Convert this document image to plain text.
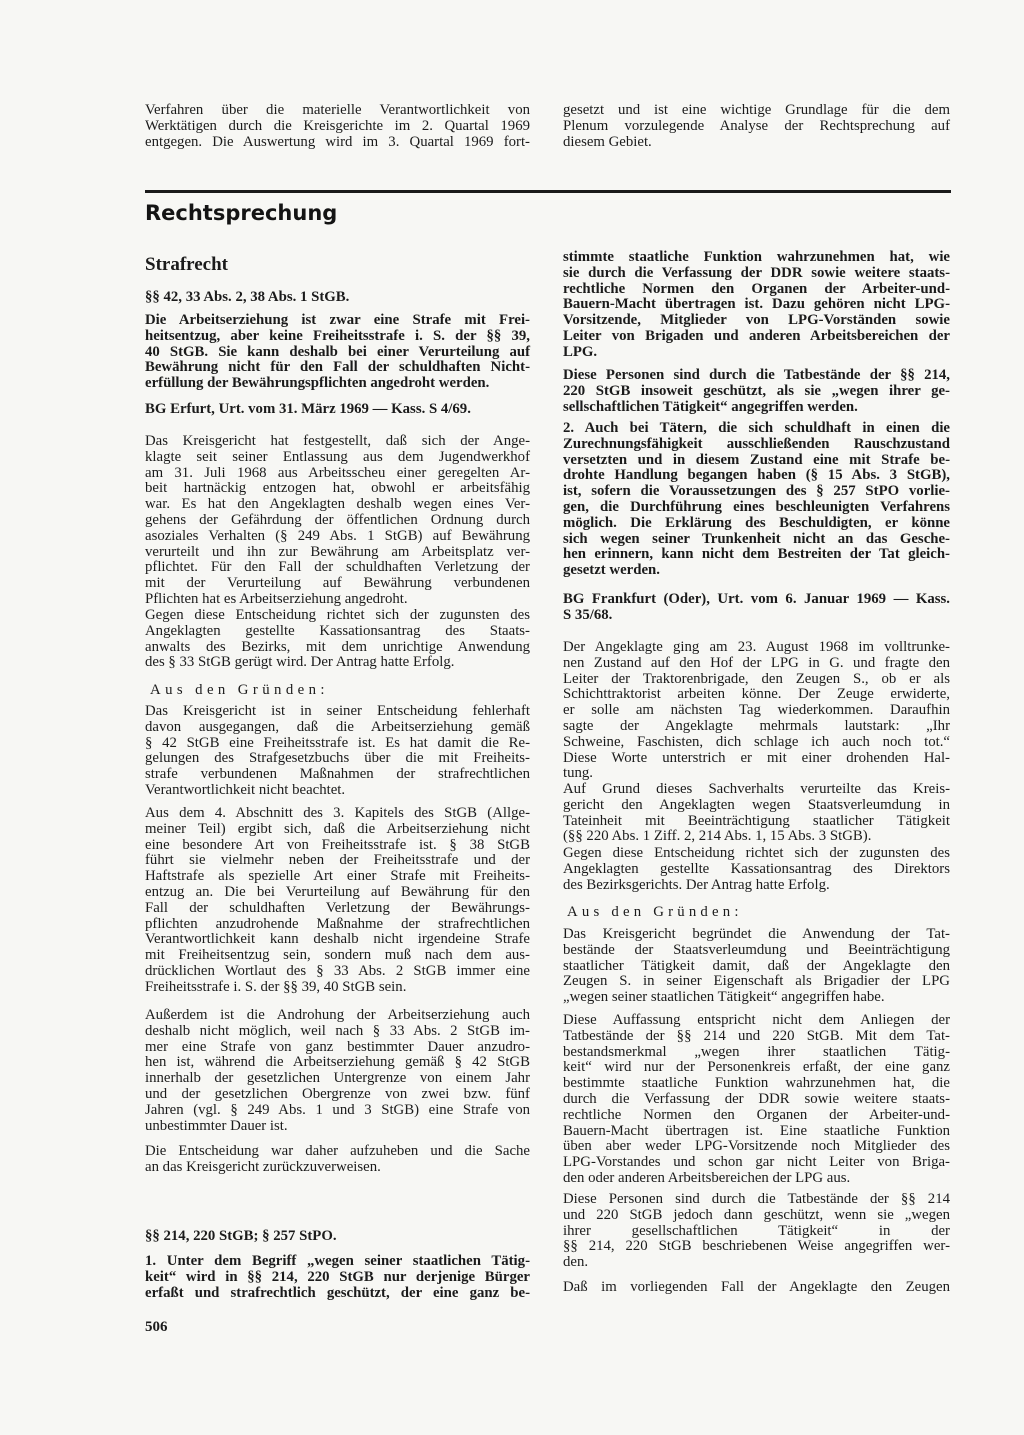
Verfahren über die materielle Verantwortlichkeit von
Werktätigen durch die Kreisgerichte im 2. Quartal 1969
entgegen. Die Auswertung wird im 3. Quartal 1969 fort-
gesetzt und ist eine wichtige Grundlage für die dem
Plenum vorzulegende Analyse der Rechtsprechung auf
diesem Gebiet.
Rechtsprechung
Strafrecht
§§ 42, 33 Abs. 2, 38 Abs. 1 StGB.
Die Arbeitserziehung ist zwar eine Strafe mit Frei-
heitsentzug, aber keine Freiheitsstrafe i. S. der §§ 39,
40 StGB. Sie kann deshalb bei einer Verurteilung auf
Bewährung nicht für den Fall der schuldhaften Nicht-
erfüllung der Bewährungspflichten angedroht werden.
BG Erfurt, Urt. vom 31. März 1969 — Kass. S 4/69.
Das Kreisgericht hat festgestellt, daß sich der Ange-
klagte seit seiner Entlassung aus dem Jugendwerkhof
am 31. Juli 1968 aus Arbeitsscheu einer geregelten Ar-
beit hartnäckig entzogen hat, obwohl er arbeitsfähig
war. Es hat den Angeklagten deshalb wegen eines Ver-
gehens der Gefährdung der öffentlichen Ordnung durch
asoziales Verhalten (§ 249 Abs. 1 StGB) auf Bewährung
verurteilt und ihn zur Bewährung am Arbeitsplatz ver-
pflichtet. Für den Fall der schuldhaften Verletzung der
mit der Verurteilung auf Bewährung verbundenen
Pflichten hat es Arbeitserziehung angedroht.
Gegen diese Entscheidung richtet sich der zugunsten des
Angeklagten gestellte Kassationsantrag des Staats-
anwalts des Bezirks, mit dem unrichtige Anwendung
des § 33 StGB gerügt wird. Der Antrag hatte Erfolg.
Aus den Gründen:
Das Kreisgericht ist in seiner Entscheidung fehlerhaft
davon ausgegangen, daß die Arbeitserziehung gemäß
§ 42 StGB eine Freiheitsstrafe ist. Es hat damit die Re-
gelungen des Strafgesetzbuchs über die mit Freiheits-
strafe verbundenen Maßnahmen der strafrechtlichen
Verantwortlichkeit nicht beachtet.
Aus dem 4. Abschnitt des 3. Kapitels des StGB (Allge-
meiner Teil) ergibt sich, daß die Arbeitserziehung nicht
eine besondere Art von Freiheitsstrafe ist. § 38 StGB
führt sie vielmehr neben der Freiheitsstrafe und der
Haftstrafe als spezielle Art einer Strafe mit Freiheits-
entzug an. Die bei Verurteilung auf Bewährung für den
Fall der schuldhaften Verletzung der Bewährungs-
pflichten anzudrohende Maßnahme der strafrechtlichen
Verantwortlichkeit kann deshalb nicht irgendeine Strafe
mit Freiheitsentzug sein, sondern muß nach dem aus-
drücklichen Wortlaut des § 33 Abs. 2 StGB immer eine
Freiheitsstrafe i. S. der §§ 39, 40 StGB sein.
Außerdem ist die Androhung der Arbeitserziehung auch
deshalb nicht möglich, weil nach § 33 Abs. 2 StGB im-
mer eine Strafe von ganz bestimmter Dauer anzudro-
hen ist, während die Arbeitserziehung gemäß § 42 StGB
innerhalb der gesetzlichen Untergrenze von einem Jahr
und der gesetzlichen Obergrenze von zwei bzw. fünf
Jahren (vgl. § 249 Abs. 1 und 3 StGB) eine Strafe von
unbestimmter Dauer ist.
Die Entscheidung war daher aufzuheben und die Sache
an das Kreisgericht zurückzuverweisen.
§§ 214, 220 StGB; § 257 StPO.
1. Unter dem Begriff „wegen seiner staatlichen Tätig-
keit“ wird in §§ 214, 220 StGB nur derjenige Bürger
erfaßt und strafrechtlich geschützt, der eine ganz be-
506
stimmte staatliche Funktion wahrzunehmen hat, wie
sie durch die Verfassung der DDR sowie weitere staats-
rechtliche Normen den Organen der Arbeiter-und-
Bauern-Macht übertragen ist. Dazu gehören nicht LPG-
Vorsitzende, Mitglieder von LPG-Vorständen sowie
Leiter von Brigaden und anderen Arbeitsbereichen der
LPG.
Diese Personen sind durch die Tatbestände der §§ 214,
220 StGB insoweit geschützt, als sie „wegen ihrer ge-
sellschaftlichen Tätigkeit“ angegriffen werden.
2. Auch bei Tätern, die sich schuldhaft in einen die
Zurechnungsfähigkeit ausschließenden Rauschzustand
versetzten und in diesem Zustand eine mit Strafe be-
drohte Handlung begangen haben (§ 15 Abs. 3 StGB),
ist, sofern die Voraussetzungen des § 257 StPO vorlie-
gen, die Durchführung eines beschleunigten Verfahrens
möglich. Die Erklärung des Beschuldigten, er könne
sich wegen seiner Trunkenheit nicht an das Gesche-
hen erinnern, kann nicht dem Bestreiten der Tat gleich-
gesetzt werden.
BG Frankfurt (Oder), Urt. vom 6. Januar 1969 — Kass.
S 35/68.
Der Angeklagte ging am 23. August 1968 im volltrunke-
nen Zustand auf den Hof der LPG in G. und fragte den
Leiter der Traktorenbrigade, den Zeugen S., ob er als
Schichttraktorist arbeiten könne. Der Zeuge erwiderte,
er solle am nächsten Tag wiederkommen. Daraufhin
sagte der Angeklagte mehrmals lautstark: „Ihr
Schweine, Faschisten, dich schlage ich auch noch tot.“
Diese Worte unterstrich er mit einer drohenden Hal-
tung.
Auf Grund dieses Sachverhalts verurteilte das Kreis-
gericht den Angeklagten wegen Staatsverleumdung in
Tateinheit mit Beeinträchtigung staatlicher Tätigkeit
(§§ 220 Abs. 1 Ziff. 2, 214 Abs. 1, 15 Abs. 3 StGB).
Gegen diese Entscheidung richtet sich der zugunsten des
Angeklagten gestellte Kassationsantrag des Direktors
des Bezirksgerichts. Der Antrag hatte Erfolg.
Aus den Gründen:
Das Kreisgericht begründet die Anwendung der Tat-
bestände der Staatsverleumdung und Beeinträchtigung
staatlicher Tätigkeit damit, daß der Angeklagte den
Zeugen S. in seiner Eigenschaft als Brigadier der LPG
„wegen seiner staatlichen Tätigkeit“ angegriffen habe.
Diese Auffassung entspricht nicht dem Anliegen der
Tatbestände der §§ 214 und 220 StGB. Mit dem Tat-
bestandsmerkmal „wegen ihrer staatlichen Tätig-
keit“ wird nur der Personenkreis erfaßt, der eine ganz
bestimmte staatliche Funktion wahrzunehmen hat, die
durch die Verfassung der DDR sowie weitere staats-
rechtliche Normen den Organen der Arbeiter-und-
Bauern-Macht übertragen ist. Eine staatliche Funktion
üben aber weder LPG-Vorsitzende noch Mitglieder des
LPG-Vorstandes und schon gar nicht Leiter von Briga-
den oder anderen Arbeitsbereichen der LPG aus.
Diese Personen sind durch die Tatbestände der §§ 214
und 220 StGB jedoch dann geschützt, wenn sie „wegen
ihrer gesellschaftlichen Tätigkeit“ in der
§§ 214, 220 StGB beschriebenen Weise angegriffen wer-
den.
Daß im vorliegenden Fall der Angeklagte den Zeugen
